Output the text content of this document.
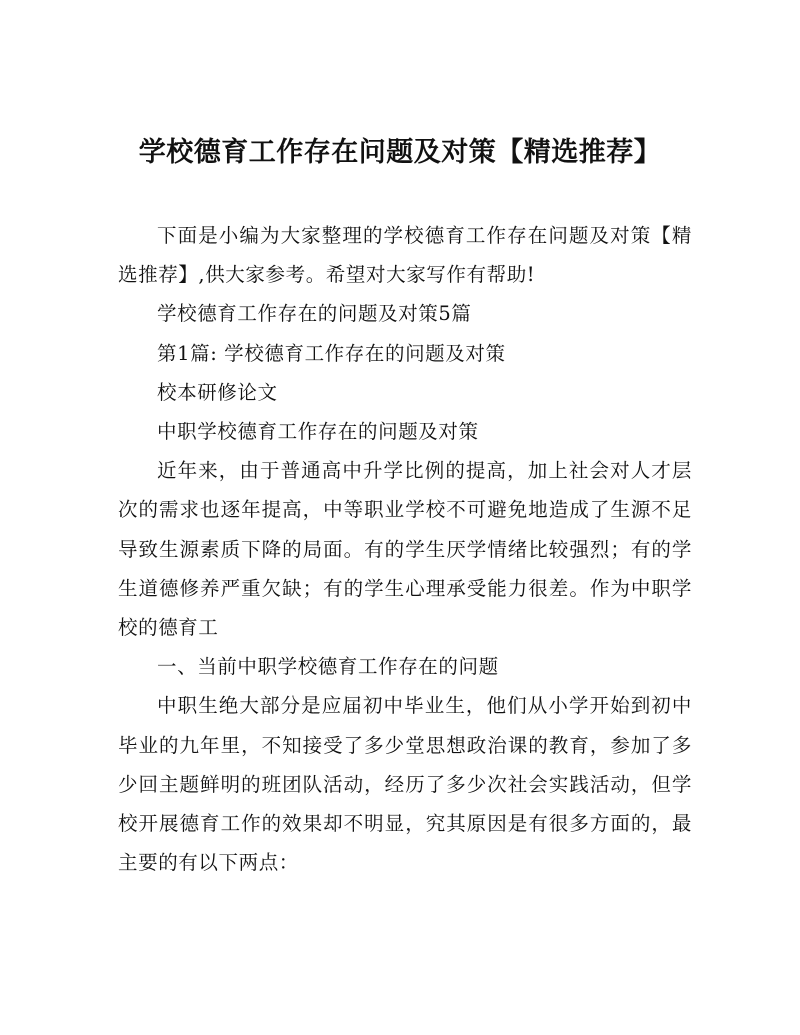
学校德育工作存在问题及对策【精选推荐】

下面是小编为大家整理的学校德育工作存在问题及对策【精选推荐】,供大家参考。希望对大家写作有帮助!

学校德育工作存在的问题及对策5篇

第1篇: 学校德育工作存在的问题及对策

校本研修论文

中职学校德育工作存在的问题及对策

近年来，由于普通高中升学比例的提高，加上社会对人才层次的需求也逐年提高，中等职业学校不可避免地造成了生源不足导致生源素质下降的局面。有的学生厌学情绪比较强烈；有的学生道德修养严重欠缺；有的学生心理承受能力很差。作为中职学校的德育工

一、当前中职学校德育工作存在的问题

中职生绝大部分是应届初中毕业生，他们从小学开始到初中毕业的九年里，不知接受了多少堂思想政治课的教育，参加了多少回主题鲜明的班团队活动，经历了多少次社会实践活动，但学校开展德育工作的效果却不明显，究其原因是有很多方面的，最主要的有以下两点：
